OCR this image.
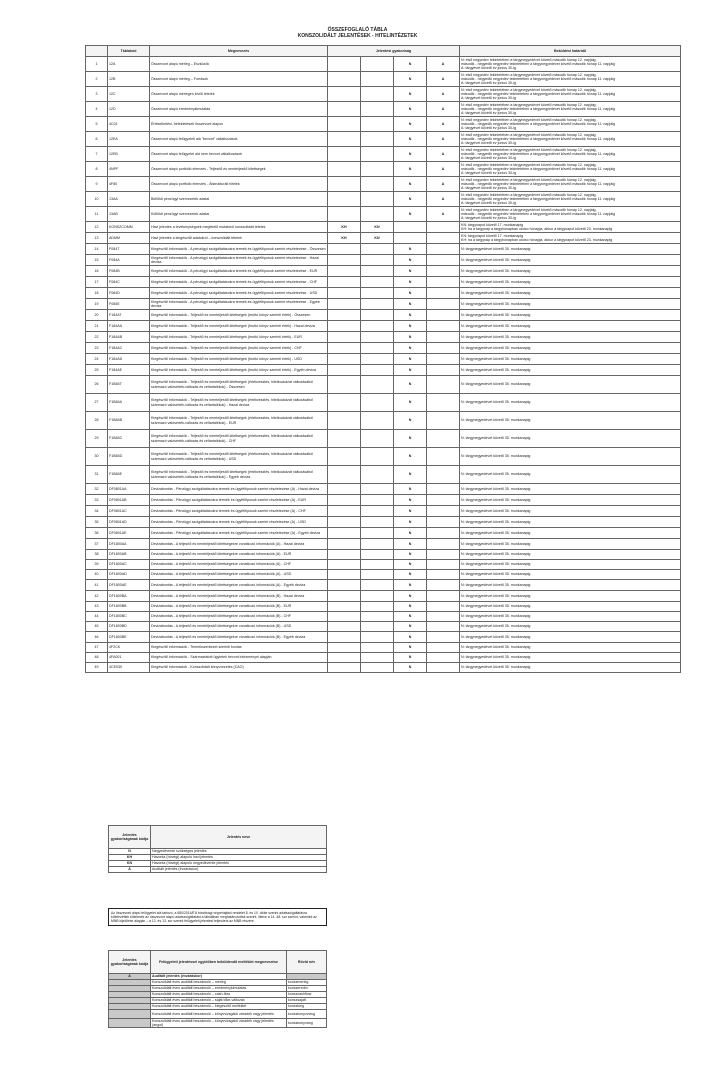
ÖSSZEFOGLALÓ TÁBLA
KONSZOLIDÁLT JELENTÉSEK - HITELINTÉZETEK
	Táblakód	Megnevezés	Jelentési gyakoriság				Beküldési határidő
1	12A	Összevont alapú mérleg – Eszközök			N	A	N: első negyedév tekintetében a tárgynegyedévet követő második hónap 12. napjáig,
második - negyedik negyedév tekintetében a tárgynegyedévet követő második hónap 11. napjáig
A: tárgyévet követő év június 30-ig

2	12B	Összevont alapú mérleg – Források			N	A	N: első negyedév tekintetében a tárgynegyedévet követő második hónap 12. napjáig,
második - negyedik negyedév tekintetében a tárgynegyedévet követő második hónap 11. napjáig
A: tárgyévet követő év június 30-ig

3	12C	Összevont alapú mérlegen kívüli tételek			N	A	N: első negyedév tekintetében a tárgynegyedévet követő második hónap 12. napjáig,
második - negyedik negyedév tekintetében a tárgynegyedévet követő második hónap 11. napjáig
A: tárgyévet követő év június 30-ig

4	12D	Összevont alapú eredménykimutatás			N	A	N: első negyedév tekintetében a tárgynegyedévet követő második hónap 12. napjáig,
második - negyedik negyedév tekintetében a tárgynegyedévet követő második hónap 11. napjáig
A: tárgyévet követő év június 30-ig

5	4C01	Értékelhetési, befektetések összevont alapon			N	A	N: első negyedév tekintetében a tárgynegyedévet követő második hónap 12. napjáig,
második - negyedik negyedév tekintetében a tárgynegyedévet követő második hónap 11. napjáig
A: tárgyévet követő év június 30-ig

6	12EA	Összevont alapú felügyeleti alá "bevont" vállalkozások			N	A	N: első negyedév tekintetében a tárgynegyedévet követő második hónap 12. napjáig,
második - negyedik negyedév tekintetében a tárgynegyedévet követő második hónap 11. napjáig
A: tárgyévet követő év június 30-ig

7	12EB	Összevont alapú felügyelet alá nem bevont vállalkozások			N	A	N: első negyedév tekintetében a tárgynegyedévet követő második hónap 12. napjáig,
második - negyedik negyedév tekintetében a tárgynegyedévet követő második hónap 11. napjáig
A: tárgyévet követő év június 30-ig

8	4NPF	Összevont alapú portfolió elemzés - Teljesítő és nemteljesítő kitettségek			N	A	N: első negyedév tekintetében a tárgynegyedévet követő második hónap 12. napjáig,
második - negyedik negyedév tekintetében a tárgynegyedévet követő második hónap 11. napjáig
A: tárgyévet követő év június 30-ig

9	4F80	Összevont alapú portfolió elemzés - Átstrukturált hitelek			N	A	N: első negyedév tekintetében a tárgynegyedévet követő második hónap 12. napjáig,
második - negyedik negyedév tekintetében a tárgynegyedévet követő második hónap 11. napjáig
A: tárgyévet követő év június 30-ig

10	13AA	Belföldi pénzügyi szervezetek adatai			N	A	N: első negyedév tekintetében a tárgynegyedévet követő második hónap 12. napjáig,
második - negyedik negyedév tekintetében a tárgynegyedévet követő második hónap 11. napjáig
A: tárgyévet követő év június 30-ig

11	13AB	Külföldi pénzügyi szervezetek adatai			N	A	N: első negyedév tekintetében a tárgynegyedévet követő második hónap 12. napjáig,
második - negyedik negyedév tekintetében a tárgynegyedévet követő második hónap 11. napjáig
A: tárgyévet követő év június 30-ig

12	KONSZCOMM	Havi jelentés a tevékenységnek megfelelő mutatóról konszolidált tételek	KH	KN			KN: tárgynapot követő 17. munkanapig
KH: ha a tárgynap a tárgyhónapban utolsó hónapja, akkor a tárgynapot követő 23. munkanapig

13	ADMM	Havi jelentés a kiegészítő adatokról – konszolidált tételek	KH	KN			KN: tárgynapot követő 17. munkanapig
KH: ha a tárgynap a tárgyhónapban utolsó hónapja, akkor a tárgynapot követő 23. munkanapig

14	F084T	Kiegészítő információk - A pénzügyi szolgáltatásokra termék és ügyféltípusok szerint részletezése - Összesen			N		N: tárgynegyedévet követő 35. munkanapig

15	F084A	Kiegészítő információk - A pénzügyi szolgáltatásokra termék és ügyféltípusok szerint részletezése - Hazai deviza			N		N: tárgynegyedévet követő 35. munkanapig

16	F084B	Kiegészítő információk - A pénzügyi szolgáltatásokra termék és ügyféltípusok szerint részletezése - EUR			N		N: tárgynegyedévet követő 35. munkanapig

17	F084C	Kiegészítő információk - A pénzügyi szolgáltatásokra termék és ügyféltípusok szerint részletezése - CHF			N		N: tárgynegyedévet követő 35. munkanapig

18	F084D	Kiegészítő információk - A pénzügyi szolgáltatásokra termék és ügyféltípusok szerint részletezése - USD			N		N: tárgynegyedévet követő 35. munkanapig

19	F084E	Kiegészítő információk - A pénzügyi szolgáltatásokra termék és ügyféltípusok szerint részletezése - Egyéb deviza			N		N: tárgynegyedévet követő 35. munkanapig

20	F184AT	Kiegészítő információk - Teljesítő és nemteljesítő kitettségek (bruttó könyv szerinti érték) - Összesen			N		N: tárgynegyedévet követő 35. munkanapig

21	F184AA	Kiegészítő információk - Teljesítő és nemteljesítő kitettségek (bruttó könyv szerinti érték) - Hazai deviza			N		N: tárgynegyedévet követő 35. munkanapig

22	F184AB	Kiegészítő információk - Teljesítő és nemteljesítő kitettségek (bruttó könyv szerinti érték) - EUR			N		N: tárgynegyedévet követő 35. munkanapig

23	F184AC	Kiegészítő információk - Teljesítő és nemteljesítő kitettségek (bruttó könyv szerinti érték) - CHF			N		N: tárgynegyedévet követő 35. munkanapig

24	F184AD	Kiegészítő információk - Teljesítő és nemteljesítő kitettségek (bruttó könyv szerinti érték) - USD			N		N: tárgynegyedévet követő 35. munkanapig

25	F184AE	Kiegészítő információk - Teljesítő és nemteljesítő kitettségek (bruttó könyv szerinti érték) - Egyéb deviza			N		N: tárgynegyedévet követő 35. munkanapig

26	F1B84T	Kiegészítő információk - Teljesítő és nemteljesítő kitettségek (értékvesztés, hitelkockázat változásából származó valósérték-változás és céltartalékok) - Összesen			N		N: tárgynegyedévet követő 35. munkanapig

27	F1B84A	Kiegészítő információk - Teljesítő és nemteljesítő kitettségek (értékvesztés, hitelkockázat változásából származó valósérték-változás és céltartalékok) - Hazai deviza			N		N: tárgynegyedévet követő 35. munkanapig

28	F1B84B	Kiegészítő információk - Teljesítő és nemteljesítő kitettségek (értékvesztés, hitelkockázat változásából származó valósérték-változás és céltartalékok) - EUR			N		N: tárgynegyedévet követő 35. munkanapig

29	F1B84C	Kiegészítő információk - Teljesítő és nemteljesítő kitettségek (értékvesztés, hitelkockázat változásából származó valósérték-változás és céltartalékok) - CHF			N		N: tárgynegyedévet követő 35. munkanapig

30	F1B84D	Kiegészítő információk - Teljesítő és nemteljesítő kitettségek (értékvesztés, hitelkockázat változásából származó valósérték-változás és céltartalékok) - USD			N		N: tárgynegyedévet követő 35. munkanapig

31	F1B84E	Kiegészítő információk - Teljesítő és nemteljesítő kitettségek (értékvesztés, hitelkockázat változásából származó valósérték-változás és céltartalékok) - Egyéb deviza			N		N: tárgynegyedévet követő 35. munkanapig

32	DF0801AA	Devizabontás - Pénzügyi szolgáltatásokra termék és ügyféltípusok szerint részletezése (A) - Hazai deviza			N		N: tárgynegyedévet követő 35. munkanapig

33	DF0801AB	Devizabontás - Pénzügyi szolgáltatásokra termék és ügyféltípusok szerint részletezése (A) - EUR			N		N: tárgynegyedévet követő 35. munkanapig

34	DF0801AC	Devizabontás - Pénzügyi szolgáltatásokra termék és ügyféltípusok szerint részletezése (A) - CHF			N		N: tárgynegyedévet követő 35. munkanapig

35	DF0801AD	Devizabontás - Pénzügyi szolgáltatásokra termék és ügyféltípusok szerint részletezése (A) - USD			N		N: tárgynegyedévet követő 35. munkanapig

36	DF0801AE	Devizabontás - Pénzügyi szolgáltatásokra termék és ügyféltípusok szerint részletezése (A) - Egyéb deviza			N		N: tárgynegyedévet követő 35. munkanapig

37	DF1800AA	Devizabontás - A teljesítő és nemteljesítő kitettségekre vonatkozó információk (A) - Hazai deviza			N		N: tárgynegyedévet követő 35. munkanapig

38	DF1800AB	Devizabontás - A teljesítő és nemteljesítő kitettségekre vonatkozó információk (A) - EUR			N		N: tárgynegyedévet követő 35. munkanapig

39	DF1800AC	Devizabontás - A teljesítő és nemteljesítő kitettségekre vonatkozó információk (A) - CHF			N		N: tárgynegyedévet követő 35. munkanapig

40	DF1800AD	Devizabontás - A teljesítő és nemteljesítő kitettségekre vonatkozó információk (A) - USD			N		N: tárgynegyedévet követő 35. munkanapig

41	DF1800AE	Devizabontás - A teljesítő és nemteljesítő kitettségekre vonatkozó információk (A) - Egyéb deviza			N		N: tárgynegyedévet követő 35. munkanapig

42	DF1800BA	Devizabontás - A teljesítő és nemteljesítő kitettségekre vonatkozó információk (B) - Hazai deviza			N		N: tárgynegyedévet követő 35. munkanapig

43	DF1800BB	Devizabontás - A teljesítő és nemteljesítő kitettségekre vonatkozó információk (B) - EUR			N		N: tárgynegyedévet követő 35. munkanapig

44	DF1800BC	Devizabontás - A teljesítő és nemteljesítő kitettségekre vonatkozó információk (B) - CHF			N		N: tárgynegyedévet követő 35. munkanapig

45	DF1800BD	Devizabontás - A teljesítő és nemteljesítő kitettségekre vonatkozó információk (B) - USD			N		N: tárgynegyedévet követő 35. munkanapig

46	DF1800BE	Devizabontás - A teljesítő és nemteljesítő kitettségekre vonatkozó információk (B) - Egyéb deviza			N		N: tárgynegyedévet követő 35. munkanapig

47	4F2CK	Kiegészítő információk - Termékszerkezet szerinti bontás			N		N: tárgynegyedévet követő 35. munkanapig

48	4FA001	Kiegészítő információk - Származtatott ügyletek bevont intézményei alapján			N		N: tárgynegyedévet követő 35. munkanapig

49	4CE030	Kiegészítő információk - Konszolidált könyvvezetés (CAO)			N		N: tárgynegyedévet követő 35. munkanapig
Jelentés gyakoriságának kódja	Jelentés neve
N	Negyedévente szükséges jelentés
KH	Havonta (hóvégi) alapuló havi jelentés
KN	Havonta (hóvégi) alapuló negyedévente jelentés
A	Auditált jelentés (évzáráskor)
Az összevont alapú felügyelet alá tartozó, a 680/2014/EU bizottsági végrehajtási rendelet 8. és 10. cikke szerint adatszolgáltatásra kötelezettek kötelesek az összevont alapú adatszolgáltatást a táblákban meghatározottak szerint, illetve a 14.-48. sor szerint, valamint az MNB kijelölése alapján – a 12. és 13. sor szerint felügyeleti jelentést teljesíteni az MNB részére.
Jelentés gyakoriságának kódja	Felügyeleti jelentéssel egyidőben beküldendő melléklet megnevezése	Rövid név
A	Auditált jelentés (évzáráskor)	
	Konszolidált éves auditált beszámoló – mérleg	konszmerleg
	Konszolidált éves auditált beszámoló – eredménykimutatás	konszeredm
	Konszolidált éves auditált beszámoló – cash-flow	konszcashflow
	Konszolidált éves auditált beszámoló – saját tőke-változás	konszsajatt
	Konszolidált éves auditált beszámoló – kiegészítő melléklet	konszkieg
	Konszolidált éves auditált beszámoló – könyvvizsgálói záradék vagy jelentés	konszkonyvvizsg
	Konszolidált éves auditált beszámoló – könyvvizsgálói záradék vagy jelentés (angol)	konszkonyvang
